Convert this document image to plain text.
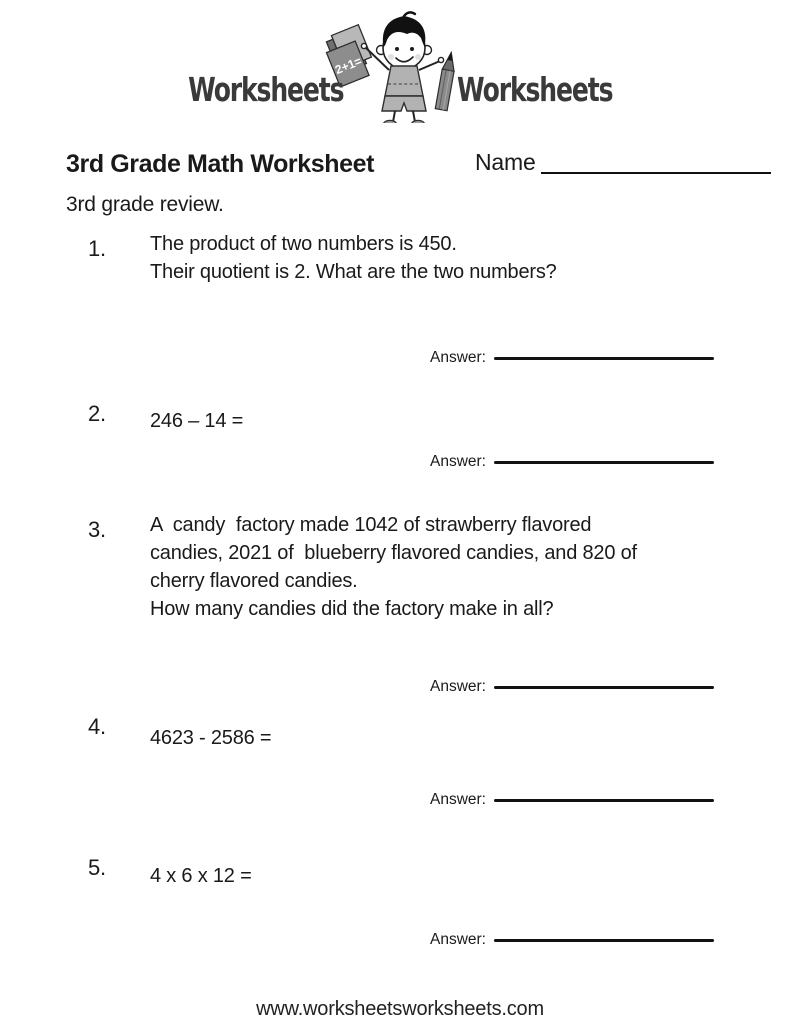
Worksheets
2+1=
Worksheets
3rd Grade Math Worksheet	Name
3rd grade review.
1. The product of two numbers is 450.
Their quotient is 2. What are the two numbers?
Answer:
2. 246 – 14 =
Answer:
3. A  candy  factory made 1042 of strawberry flavored
candies, 2021 of  blueberry flavored candies, and 820 of
cherry flavored candies.
How many candies did the factory make in all?
Answer:
4. 4623 - 2586 =
Answer:
5. 4 x 6 x 12 =
Answer:
www.worksheetsworksheets.com
